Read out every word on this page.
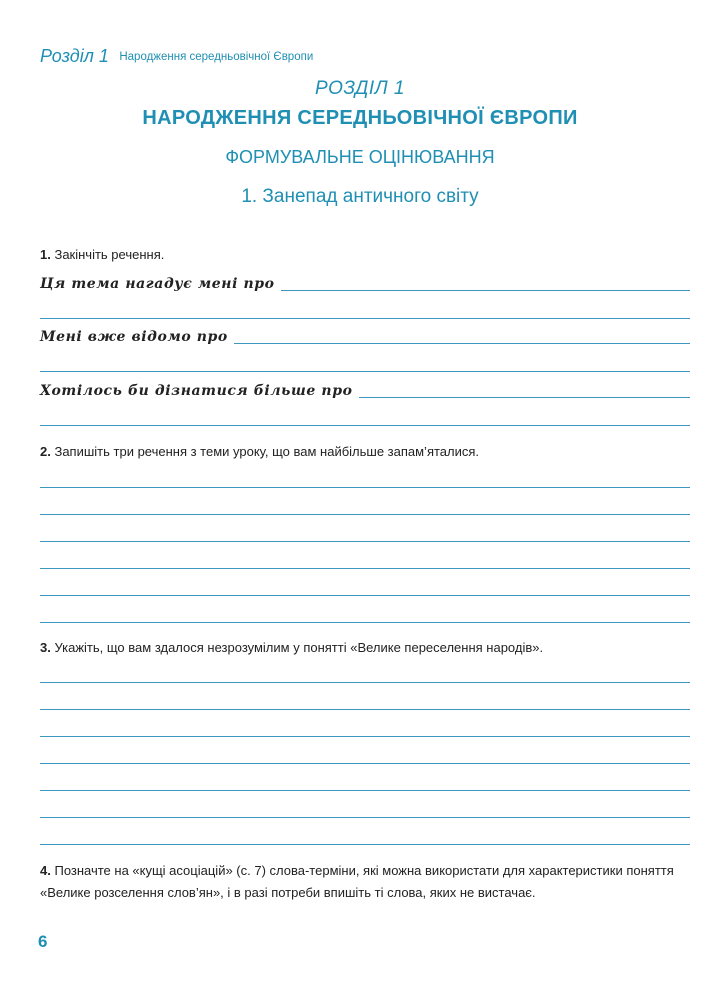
Розділ 1 Народження середньовічної Європи
РОЗДІЛ 1
НАРОДЖЕННЯ СЕРЕДНЬОВІЧНОЇ ЄВРОПИ
ФОРМУВАЛЬНЕ ОЦІНЮВАННЯ
1. Занепад античного світу
1. Закінчіть речення.
Ця тема нагадує мені про
Мені вже відомо про
Хотілось би дізнатися більше про
2. Запишіть три речення з теми уроку, що вам найбільше запам’яталися.
3. Укажіть, що вам здалося незрозумілим у понятті «Велике переселення народів».
4. Позначте на «кущі асоціацій» (с. 7) слова-терміни, які можна використати для характеристики поняття «Велике розселення слов’ян», і в разі потреби впишіть ті слова, яких не вистачає.
6
